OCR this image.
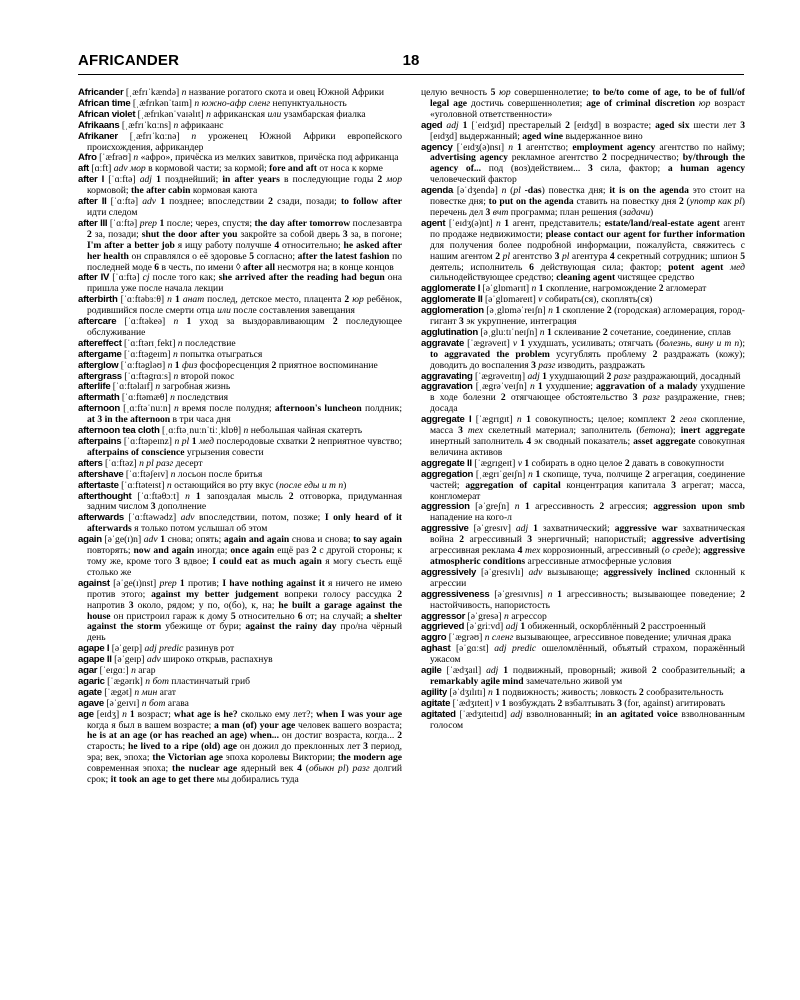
AFRICANDER	18
Africander [ˌæfrɪˈkændə] n название рогатого скота и овец Южной Африки
African time [ˌæfrɪkənˈtaɪm] n южно-афр сленг непунктуальность
African violet [ˌæfrɪkənˈvaɪəlɪt] n африканская или узамбарская фиалка
Afrikaans [ˌæfrɪˈkɑːns] n африкаанс
Afrikaner [ˌæfrɪˈkɑːnə] n уроженец Южной Африки европейского происхождения, африкандер
Afro [ˈæfrəʊ] n «афро», причёска из мелких завитков, причёска под африканца
aft [ɑːft] adv мор в кормовой части; за кормой; fore and aft от носа к корме
after I [ˈɑːftə] adj 1 позднейший; in after years в последующие годы 2 мор кормовой; the after cabin кормовая каюта
after II [ˈɑːftə] adv 1 позднее; впоследствии 2 сзади, позади; to follow after идти следом
after III [ˈɑːftə] prep 1 после; через, спустя; the day after tomorrow послезавтра 2 за, позади; shut the door after you закройте за собой дверь 3 за, в погоне; I'm after a better job я ищу работу получше 4 относительно; he asked after her health он справлялся о её здоровье 5 согласно; after the latest fashion по последней моде 6 в честь, по имени ◊ after all несмотря на; в конце концов
after IV [ˈɑːftə] cj после того как; she arrived after the reading had begun она пришла уже после начала лекции
afterbirth [ˈɑːftəbɜːθ] n 1 анат послед, детское место, плацента 2 юр ребёнок, родившийся после смерти отца или после составления завещания
aftercare [ˈɑːftəkeə] n 1 уход за выздоравливающим 2 последующее обслуживание
aftereffect [ˈɑːftərɪˌfekt] n последствие
aftergame [ˈɑːftəgeɪm] n попытка отыграться
afterglow [ˈɑːftəgləʊ] n 1 физ фосфоресценция 2 приятное воспоминание
aftergrass [ˈɑːftəgrɑːs] n второй покос
afterlife [ˈɑːftəlaɪf] n загробная жизнь
aftermath [ˈɑːftəmæθ] n последствия
afternoon [ˌɑːftəˈnuːn] n время после полудня; afternoon's luncheon полдник; at 3 in the afternoon в три часа дня
afternoon tea cloth [ˌɑːftəˌnuːnˈtiːˌklɒθ] n небольшая чайная скатерть
afterpains [ˈɑːftəpeɪnz] n pl 1 мед послеродовые схватки 2 неприятное чувство; afterpains of conscience угрызения совести
afters [ˈɑːftəz] n pl разг десерт
aftershave [ˈɑːftəʃeɪv] n лосьон после бритья
aftertaste [ˈɑːftəteɪst] n остающийся во рту вкус (после еды и т п)
afterthought [ˈɑːftəθɔːt] n 1 запоздалая мысль 2 отговорка, придуманная задним числом 3 дополнение
afterwards [ˈɑːftəwədz] adv впоследствии, потом, позже; I only heard of it afterwards я только потом услышал об этом
again [əˈge(ɪ)n] adv 1 снова; опять; again and again снова и снова; to say again повторять; now and again иногда; once again ещё раз 2 с другой стороны; к тому же, кроме того 3 вдвое; I could eat as much again я могу съесть ещё столько же
against [əˈge(ɪ)nst] prep 1 против; I have nothing against it я ничего не имею против этого; against my better judgement вопреки голосу рассудка 2 напротив 3 около, рядом; у по, о(бо), к, на; he built a garage against the house он пристроил гараж к дому 5 относительно 6 от; на случай; a shelter against the storm убежище от бури; against the rainy day про/на чёрный день
agape I [əˈgeɪp] adj predic разинув рот
agape II [əˈgeɪp] adv широко открыв, распахнув
agar [ˈeɪgɑː] n агар
agaric [ˈægərɪk] n бот пластинчатый гриб
agate [ˈægət] n мин агат
agave [əˈgeɪvɪ] n бот агава
age [eɪdʒ] n 1 возраст; what age is he? сколько ему лет?; when I was your age когда я был в вашем возрасте; a man (of) your age человек вашего возраста; he is at an age (or has reached an age) when... он достиг возраста, когда... 2 старость; he lived to a ripe (old) age он дожил до преклонных лет 3 период, эра; век, эпоха; the Victorian age эпоха королевы Виктории; the modern age современная эпоха; the nuclear age ядерный век 4 (обыкн pl) разг долгий срок; it took an age to get there мы добирались туда
целую вечность 5 юр совершеннолетие; to be/to come of age, to be of full/of legal age достичь совершеннолетия; age of criminal discretion юр возраст «уголовной ответственности»
aged adj 1 [ˈeɪdʒɪd] престарелый 2 [eɪdʒd] в возрасте; aged six шести лет 3 [eɪdʒd] выдержанный; aged wine выдержанное вино
agency [ˈeɪdʒ(ə)nsɪ] n 1 агентство; employment agency агентство по найму; advertising agency рекламное агентство 2 посредничество; by/through the agency of... под (воз)действием... 3 сила, фактор; a human agency человеческий фактор
agenda [əˈdʒendə] n (pl -das) повестка дня; it is on the agenda это стоит на повестке дня; to put on the agenda ставить на повестку дня 2 (употр как pl) перечень дел 3 вчт программа; план решения (задачи)
agent [ˈeɪdʒ(ə)nt] n 1 агент, представитель; estate/land/real-estate agent агент по продаже недвижимости; please contact our agent for further information для получения более подробной информации, пожалуйста, свяжитесь с нашим агентом 2 pl агентство 3 pl агентура 4 секретный сотрудник; шпион 5 деятель; исполнитель 6 действующая сила; фактор; potent agent мед сильнодействующее средство; cleaning agent чистящее средство
agglomerate I [əˈglɒmərɪt] n 1 скопление, нагромождение 2 агломерат
agglomerate II [əˈglɒməreɪt] v собирать(ся), скоплять(ся)
agglomeration [əˌglɒməˈreɪʃn] n 1 скопление 2 (городская) агломерация, город-гигант 3 эк укрупнение, интеграция
agglutination [əˌgluːtɪˈneɪʃn] n 1 склеивание 2 сочетание, соединение, сплав
aggravate [ˈægrəveɪt] v 1 ухудшать, усиливать; отягчать (болезнь, вину и т п); to aggravated the problem усугублять проблему 2 раздражать (кожу); доводить до воспаления 3 разг изводить, раздражать
aggravating [ˈægrəveɪtɪŋ] adj 1 ухудшающий 2 разг раздражающий, досадный
aggravation [ˌægrəˈveɪʃn] n 1 ухудшение; aggravation of a malady ухудшение в ходе болезни 2 отягчающее обстоятельство 3 разг раздражение, гнев; досада
aggregate I [ˈægrɪgɪt] n 1 совокупность; целое; комплект 2 геол скопление, масса 3 тех скелетный материал; заполнитель (бетона); inert aggregate инертный заполнитель 4 эк сводный показатель; asset aggregate совокупная величина активов
aggregate II [ˈægrɪgeɪt] v 1 собирать в одно целое 2 давать в совокупности
aggregation [ˌægrɪˈgeɪʃn] n 1 скопище, туча, полчище 2 агрегация, соединение частей; aggregation of capital концентрация капитала 3 агрегат; масса, конгломерат
aggression [əˈgreʃn] n 1 агрессивность 2 агрессия; aggression upon smb нападение на кого-л
aggressive [əˈgresɪv] adj 1 захватнический; aggressive war захватническая война 2 агрессивный 3 энергичный; напористый; aggressive advertising агрессивная реклама 4 тех коррозионный, агрессивный (о среде); aggressive atmospheric conditions агрессивные атмосферные условия
aggressively [əˈgresɪvlɪ] adv вызывающе; aggressively inclined склонный к агрессии
aggressiveness [əˈgresɪvnɪs] n 1 агрессивность; вызывающее поведение; 2 настойчивость, напористость
aggressor [əˈgresə] n агрессор
aggrieved [əˈgriːvd] adj 1 обиженный, оскорблённый 2 расстроенный
aggro [ˈægrəʊ] n сленг вызывающее, агрессивное поведение; уличная драка
aghast [əˈgɑːst] adj predic ошеломлённый, объятый страхом, поражённый ужасом
agile [ˈædʒaɪl] adj 1 подвижный, проворный; живой 2 сообразительный; a remarkably agile mind замечательно живой ум
agility [əˈdʒɪlɪtɪ] n 1 подвижность; живость; ловкость 2 сообразительность
agitate [ˈædʒɪteɪt] v 1 возбуждать 2 взбалтывать 3 (for, against) агитировать
agitated [ˈædʒɪteɪtɪd] adj взволнованный; in an agitated voice взволнованным голосом
